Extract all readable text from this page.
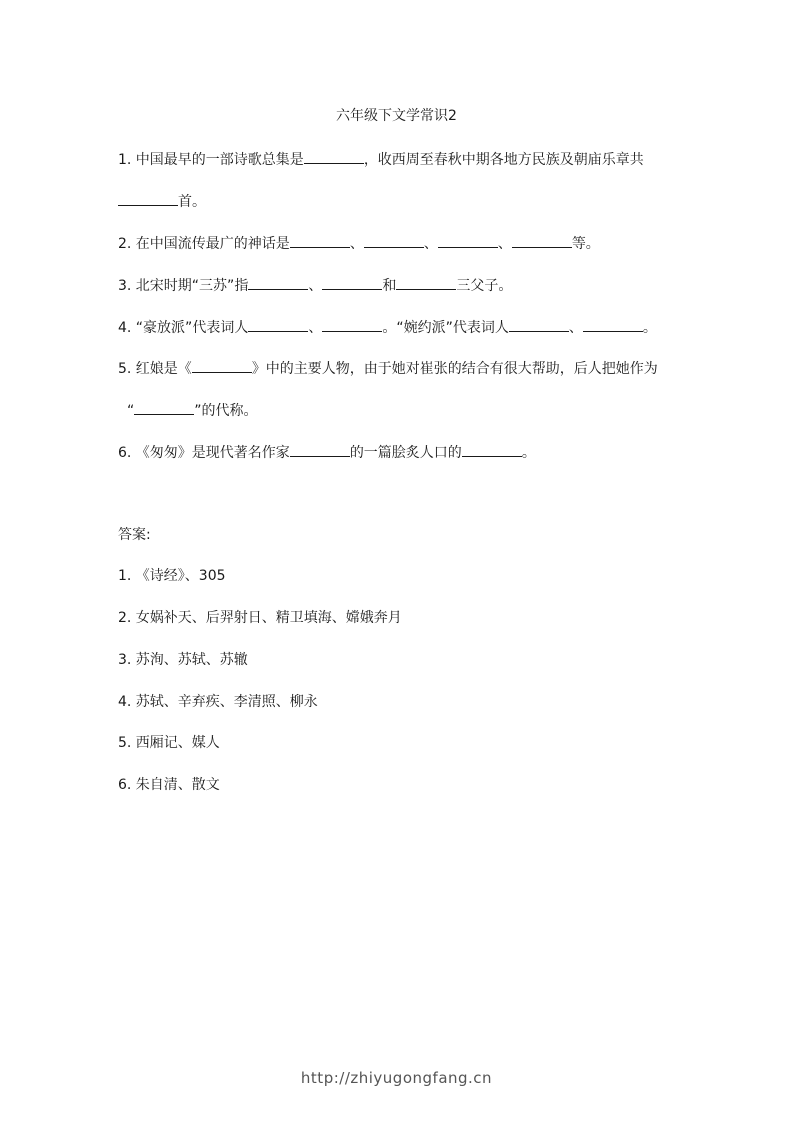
六年级下文学常识2
1. 中国最早的一部诗歌总集是	，收西周至春秋中期各地方民族及朝庙乐章共
首。
2. 在中国流传最广的神话是	、	、	、	等。
3. 北宋时期“三苏”指	、	和	三父子。
4. “豪放派”代表词人	、	。“婉约派”代表词人	、	。
5. 红娘是《	》中的主要人物，由于她对崔张的结合有很大帮助，后人把她作为
“	”的代称。
6. 《匆匆》是现代著名作家	的一篇脍炙人口的	。
答案:
1. 《诗经》、305
2. 女娲补天、后羿射日、精卫填海、嫦娥奔月
3. 苏洵、苏轼、苏辙
4. 苏轼、辛弃疾、李清照、柳永
5. 西厢记、媒人
6. 朱自清、散文
http://zhiyugongfang.cn
